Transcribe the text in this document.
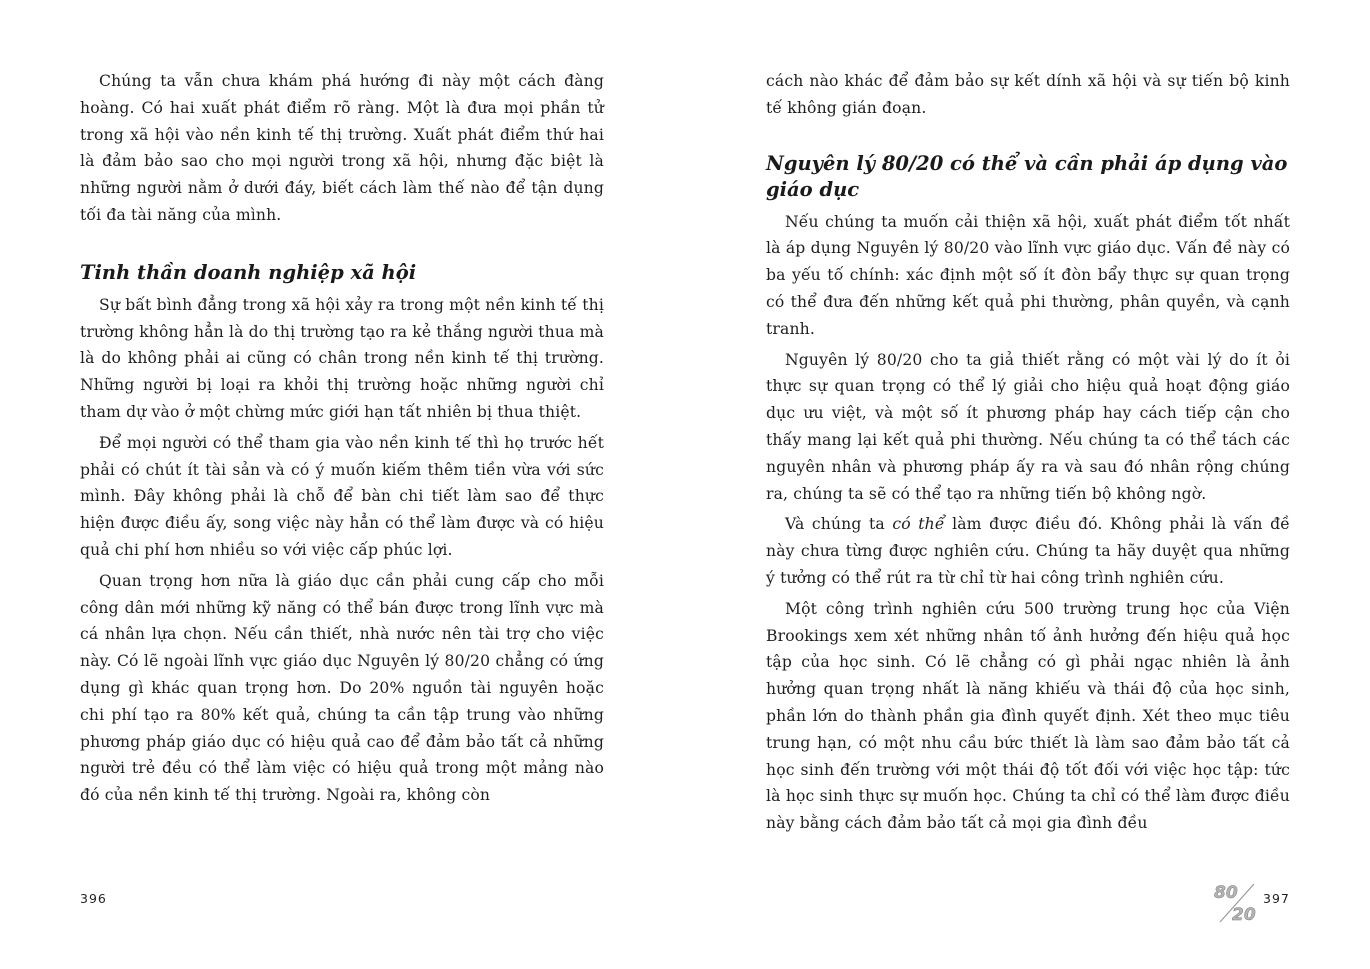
Chúng ta vẫn chưa khám phá hướng đi này một cách đàng hoàng. Có hai xuất phát điểm rõ ràng. Một là đưa mọi phần tử trong xã hội vào nền kinh tế thị trường. Xuất phát điểm thứ hai là đảm bảo sao cho mọi người trong xã hội, nhưng đặc biệt là những người nằm ở dưới đáy, biết cách làm thế nào để tận dụng tối đa tài năng của mình.

Tinh thần doanh nghiệp xã hội

Sự bất bình đẳng trong xã hội xảy ra trong một nền kinh tế thị trường không hẳn là do thị trường tạo ra kẻ thắng người thua mà là do không phải ai cũng có chân trong nền kinh tế thị trường. Những người bị loại ra khỏi thị trường hoặc những người chỉ tham dự vào ở một chừng mức giới hạn tất nhiên bị thua thiệt.

Để mọi người có thể tham gia vào nền kinh tế thì họ trước hết phải có chút ít tài sản và có ý muốn kiếm thêm tiền vừa với sức mình. Đây không phải là chỗ để bàn chi tiết làm sao để thực hiện được điều ấy, song việc này hẳn có thể làm được và có hiệu quả chi phí hơn nhiều so với việc cấp phúc lợi.

Quan trọng hơn nữa là giáo dục cần phải cung cấp cho mỗi công dân mới những kỹ năng có thể bán được trong lĩnh vực mà cá nhân lựa chọn. Nếu cần thiết, nhà nước nên tài trợ cho việc này. Có lẽ ngoài lĩnh vực giáo dục Nguyên lý 80/20 chẳng có ứng dụng gì khác quan trọng hơn. Do 20% nguồn tài nguyên hoặc chi phí tạo ra 80% kết quả, chúng ta cần tập trung vào những phương pháp giáo dục có hiệu quả cao để đảm bảo tất cả những người trẻ đều có thể làm việc có hiệu quả trong một mảng nào đó của nền kinh tế thị trường. Ngoài ra, không còn

cách nào khác để đảm bảo sự kết dính xã hội và sự tiến bộ kinh tế không gián đoạn.

Nguyên lý 80/20 có thể và cần phải áp dụng vào giáo dục

Nếu chúng ta muốn cải thiện xã hội, xuất phát điểm tốt nhất là áp dụng Nguyên lý 80/20 vào lĩnh vực giáo dục. Vấn đề này có ba yếu tố chính: xác định một số ít đòn bẩy thực sự quan trọng có thể đưa đến những kết quả phi thường, phân quyền, và cạnh tranh.

Nguyên lý 80/20 cho ta giả thiết rằng có một vài lý do ít ỏi thực sự quan trọng có thể lý giải cho hiệu quả hoạt động giáo dục ưu việt, và một số ít phương pháp hay cách tiếp cận cho thấy mang lại kết quả phi thường. Nếu chúng ta có thể tách các nguyên nhân và phương pháp ấy ra và sau đó nhân rộng chúng ra, chúng ta sẽ có thể tạo ra những tiến bộ không ngờ.

Và chúng ta có thể làm được điều đó. Không phải là vấn đề này chưa từng được nghiên cứu. Chúng ta hãy duyệt qua những ý tưởng có thể rút ra từ chỉ từ hai công trình nghiên cứu.

Một công trình nghiên cứu 500 trường trung học của Viện Brookings xem xét những nhân tố ảnh hưởng đến hiệu quả học tập của học sinh. Có lẽ chẳng có gì phải ngạc nhiên là ảnh hưởng quan trọng nhất là năng khiếu và thái độ của học sinh, phần lớn do thành phần gia đình quyết định. Xét theo mục tiêu trung hạn, có một nhu cầu bức thiết là làm sao đảm bảo tất cả học sinh đến trường với một thái độ tốt đối với việc học tập: tức là học sinh thực sự muốn học. Chúng ta chỉ có thể làm được điều này bằng cách đảm bảo tất cả mọi gia đình đều

396	80
20
397
